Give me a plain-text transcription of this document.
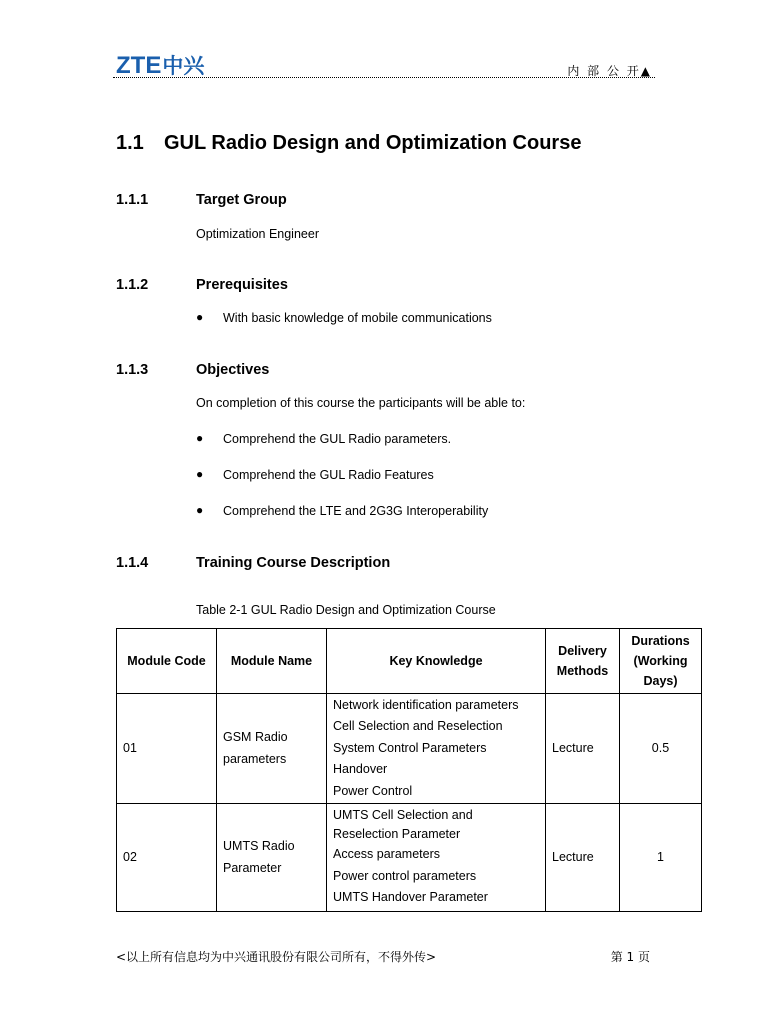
ZTE中兴	内 部 公 开▲
1.1 GUL Radio Design and Optimization Course
1.1.1	Target Group
Optimization Engineer
1.1.2	Prerequisites
● With basic knowledge of mobile communications
1.1.3	Objectives
On completion of this course the participants will be able to:
● Comprehend the GUL Radio parameters.
● Comprehend the GUL Radio Features
● Comprehend the LTE and 2G3G Interoperability
1.1.4	Training Course Description
Table 2-1 GUL Radio Design and Optimization Course
Module Code	Module Name	Key Knowledge	Delivery Methods	Durations (Working Days)
01	GSM Radio parameters	Network identification parameters
Cell Selection and Reselection
System Control Parameters
Handover
Power Control	Lecture	0.5
02	UMTS Radio Parameter	UMTS Cell Selection and Reselection Parameter
Access parameters
Power control parameters
UMTS Handover Parameter	Lecture	1
<以上所有信息均为中兴通讯股份有限公司所有，不得外传>	第 1 页
